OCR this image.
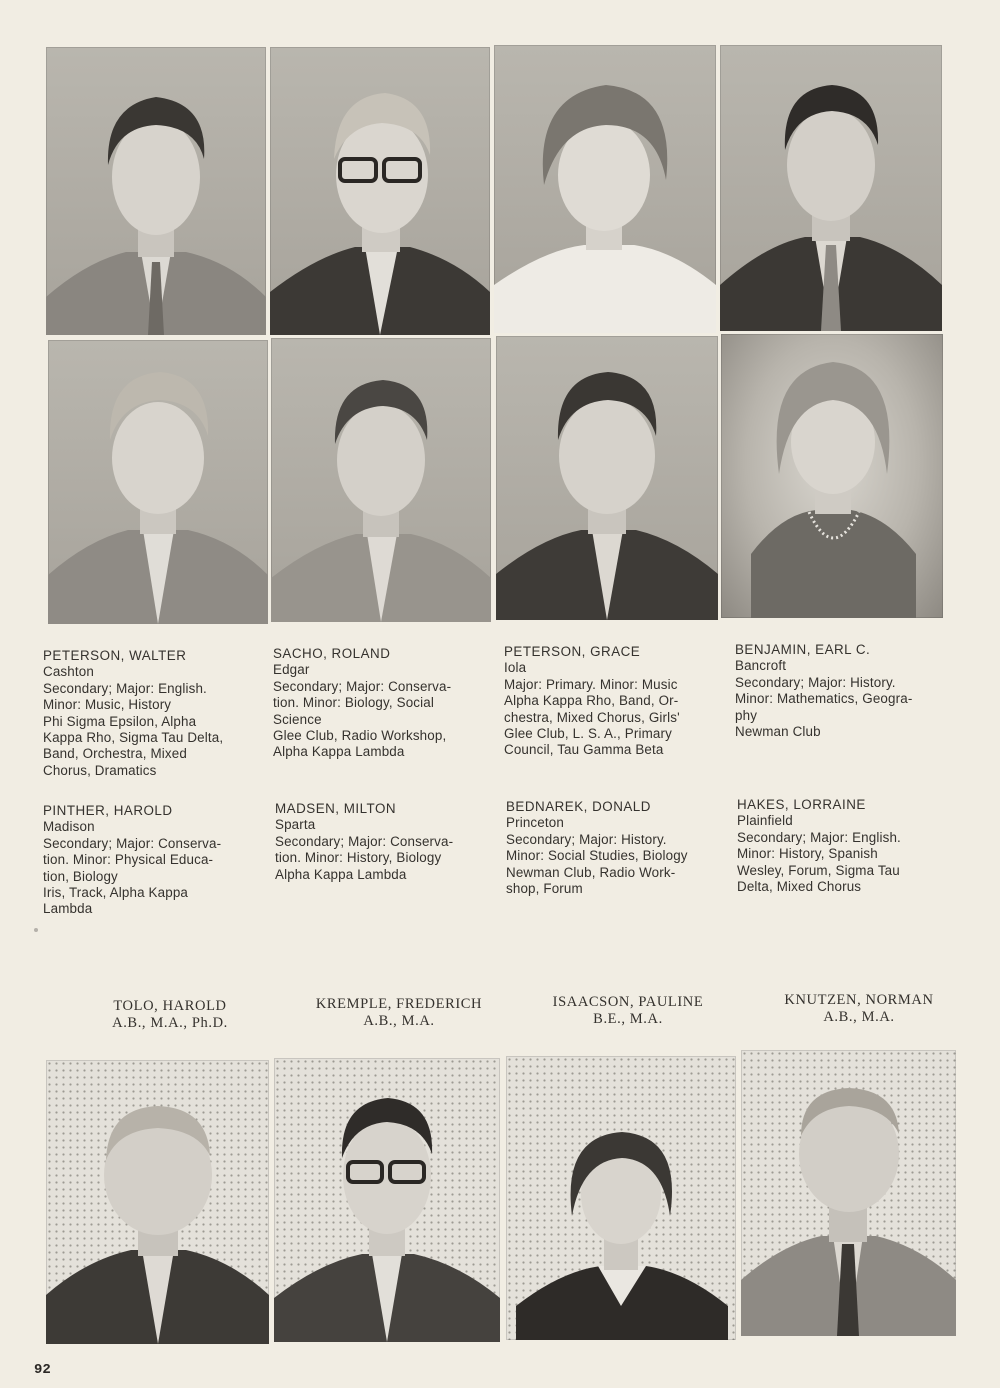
PETERSON, WALTER
Cashton
Secondary; Major: English.
Minor: Music, History
Phi Sigma Epsilon, Alpha
Kappa Rho, Sigma Tau Delta,
Band, Orchestra, Mixed
Chorus, Dramatics
SACHO, ROLAND
Edgar
Secondary; Major: Conserva-
tion. Minor: Biology, Social
Science
Glee Club, Radio Workshop,
Alpha Kappa Lambda
PETERSON, GRACE
Iola
Major: Primary. Minor: Music
Alpha Kappa Rho, Band, Or-
chestra, Mixed Chorus, Girls'
Glee Club, L. S. A., Primary
Council, Tau Gamma Beta
BENJAMIN, EARL C.
Bancroft
Secondary; Major: History.
Minor: Mathematics, Geogra-
phy
Newman Club
PINTHER, HAROLD
Madison
Secondary; Major: Conserva-
tion. Minor: Physical Educa-
tion, Biology
Iris, Track, Alpha Kappa
Lambda
MADSEN, MILTON
Sparta
Secondary; Major: Conserva-
tion. Minor: History, Biology
Alpha Kappa Lambda
BEDNAREK, DONALD
Princeton
Secondary; Major: History.
Minor: Social Studies, Biology
Newman Club, Radio Work-
shop, Forum
HAKES, LORRAINE
Plainfield
Secondary; Major: English.
Minor: History, Spanish
Wesley, Forum, Sigma Tau
Delta, Mixed Chorus
TOLO, HAROLD
A.B., M.A., Ph.D.
KREMPLE, FREDERICH
A.B., M.A.
ISAACSON, PAULINE
B.E., M.A.
KNUTZEN, NORMAN
A.B., M.A.
92
